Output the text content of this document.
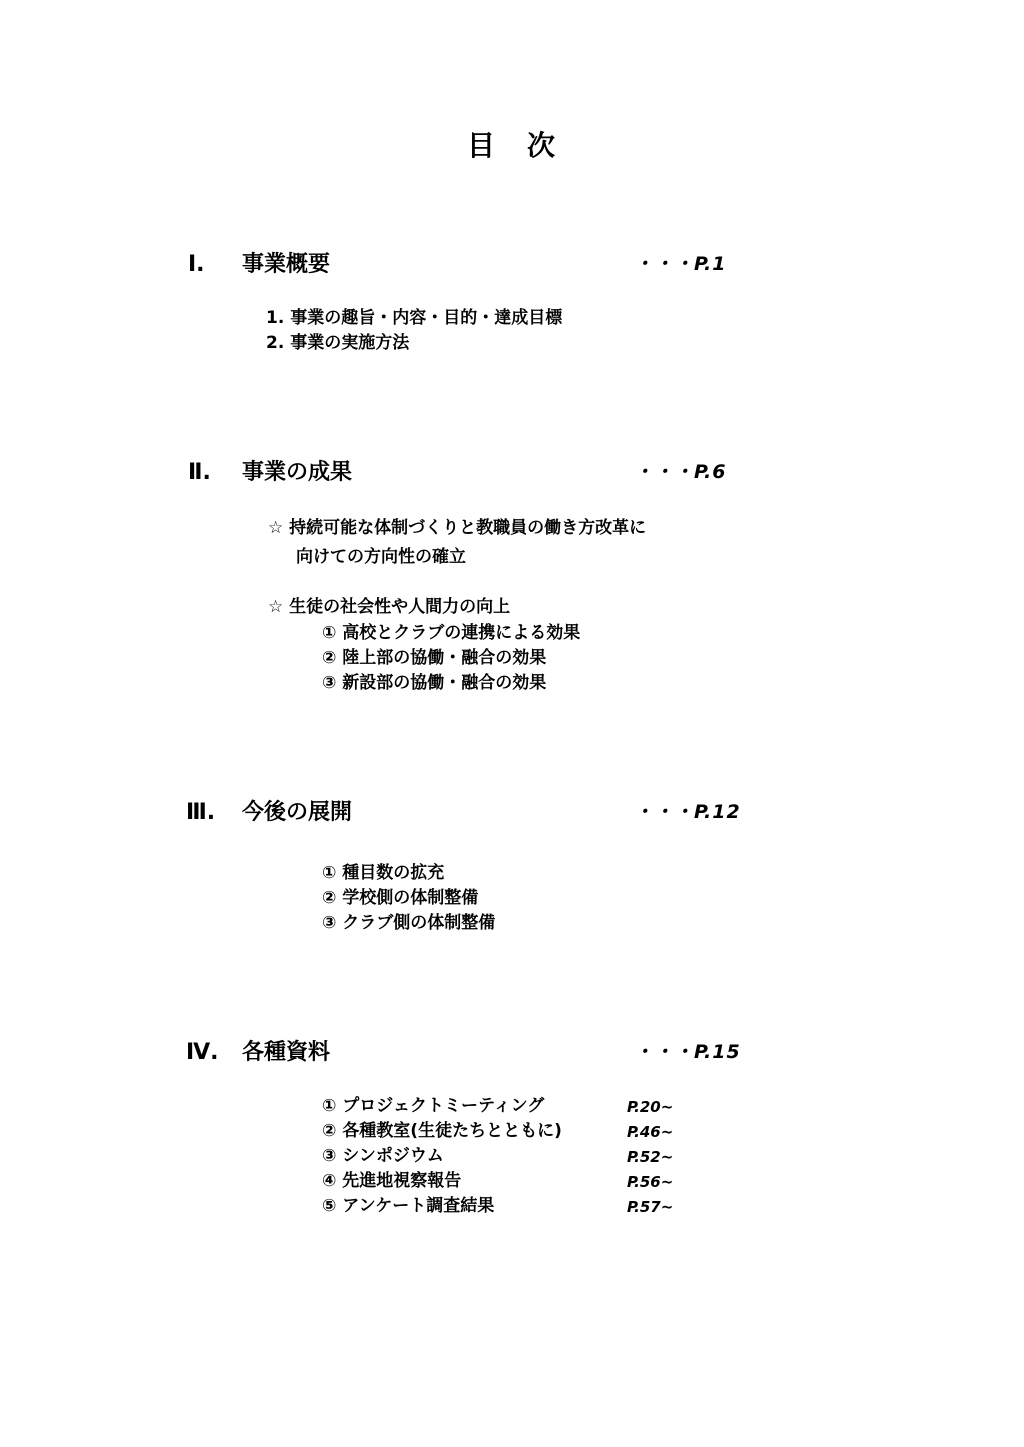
目　次
Ⅰ. 事業概要	・・・P.1
1. 事業の趣旨・内容・目的・達成目標
2. 事業の実施方法
Ⅱ. 事業の成果	・・・P.6
☆ 持続可能な体制づくりと教職員の働き方改革に
向けての方向性の確立
☆ 生徒の社会性や人間力の向上
① 高校とクラブの連携による効果
② 陸上部の協働・融合の効果
③ 新設部の協働・融合の効果
Ⅲ. 今後の展開	・・・P.12
① 種目数の拡充
② 学校側の体制整備
③ クラブ側の体制整備
Ⅳ. 各種資料	・・・P.15
① プロジェクトミーティング	P.20~
② 各種教室(生徒たちとともに)	P.46~
③ シンポジウム	P.52~
④ 先進地視察報告	P.56~
⑤ アンケート調査結果	P.57~
